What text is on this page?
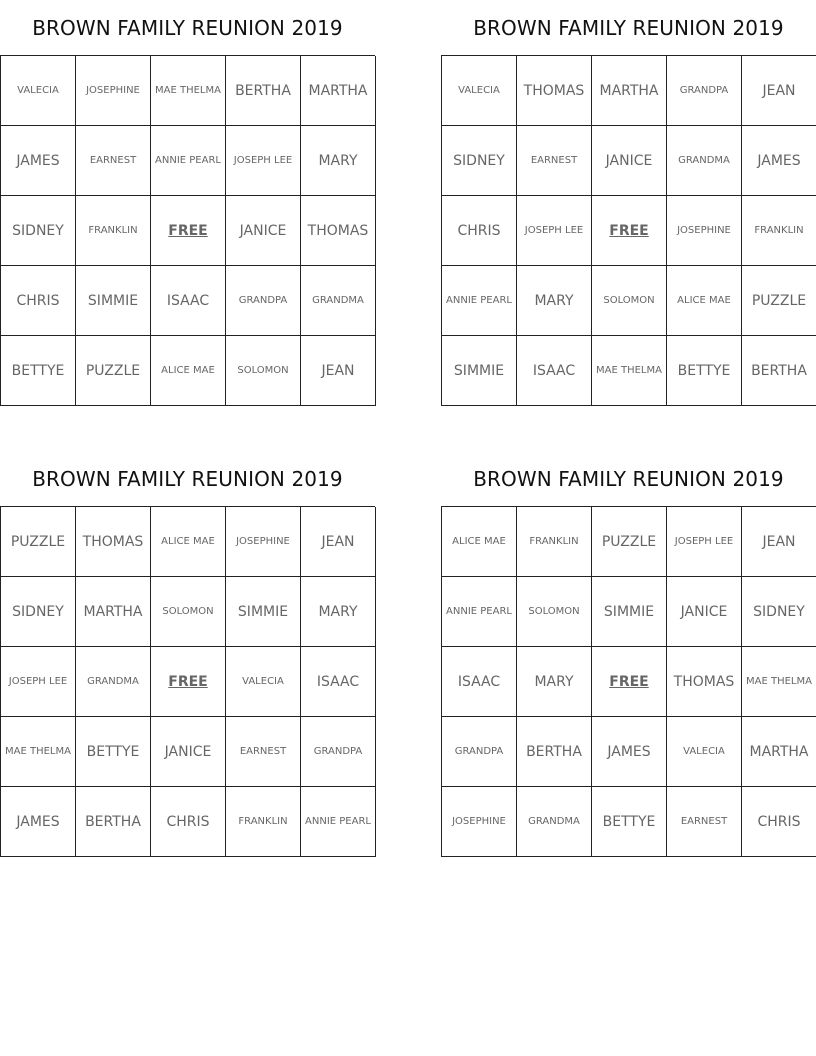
BROWN FAMILY REUNION 2019
VALECIA	JOSEPHINE	MAE THELMA	BERTHA	MARTHA
JAMES	EARNEST	ANNIE PEARL	JOSEPH LEE	MARY
SIDNEY	FRANKLIN	FREE	JANICE	THOMAS
CHRIS	SIMMIE	ISAAC	GRANDPA	GRANDMA
BETTYE	PUZZLE	ALICE MAE	SOLOMON	JEAN
BROWN FAMILY REUNION 2019
VALECIA	THOMAS	MARTHA	GRANDPA	JEAN
SIDNEY	EARNEST	JANICE	GRANDMA	JAMES
CHRIS	JOSEPH LEE	FREE	JOSEPHINE	FRANKLIN
ANNIE PEARL	MARY	SOLOMON	ALICE MAE	PUZZLE
SIMMIE	ISAAC	MAE THELMA	BETTYE	BERTHA
BROWN FAMILY REUNION 2019
PUZZLE	THOMAS	ALICE MAE	JOSEPHINE	JEAN
SIDNEY	MARTHA	SOLOMON	SIMMIE	MARY
JOSEPH LEE	GRANDMA	FREE	VALECIA	ISAAC
MAE THELMA	BETTYE	JANICE	EARNEST	GRANDPA
JAMES	BERTHA	CHRIS	FRANKLIN	ANNIE PEARL
BROWN FAMILY REUNION 2019
ALICE MAE	FRANKLIN	PUZZLE	JOSEPH LEE	JEAN
ANNIE PEARL	SOLOMON	SIMMIE	JANICE	SIDNEY
ISAAC	MARY	FREE	THOMAS	MAE THELMA
GRANDPA	BERTHA	JAMES	VALECIA	MARTHA
JOSEPHINE	GRANDMA	BETTYE	EARNEST	CHRIS
